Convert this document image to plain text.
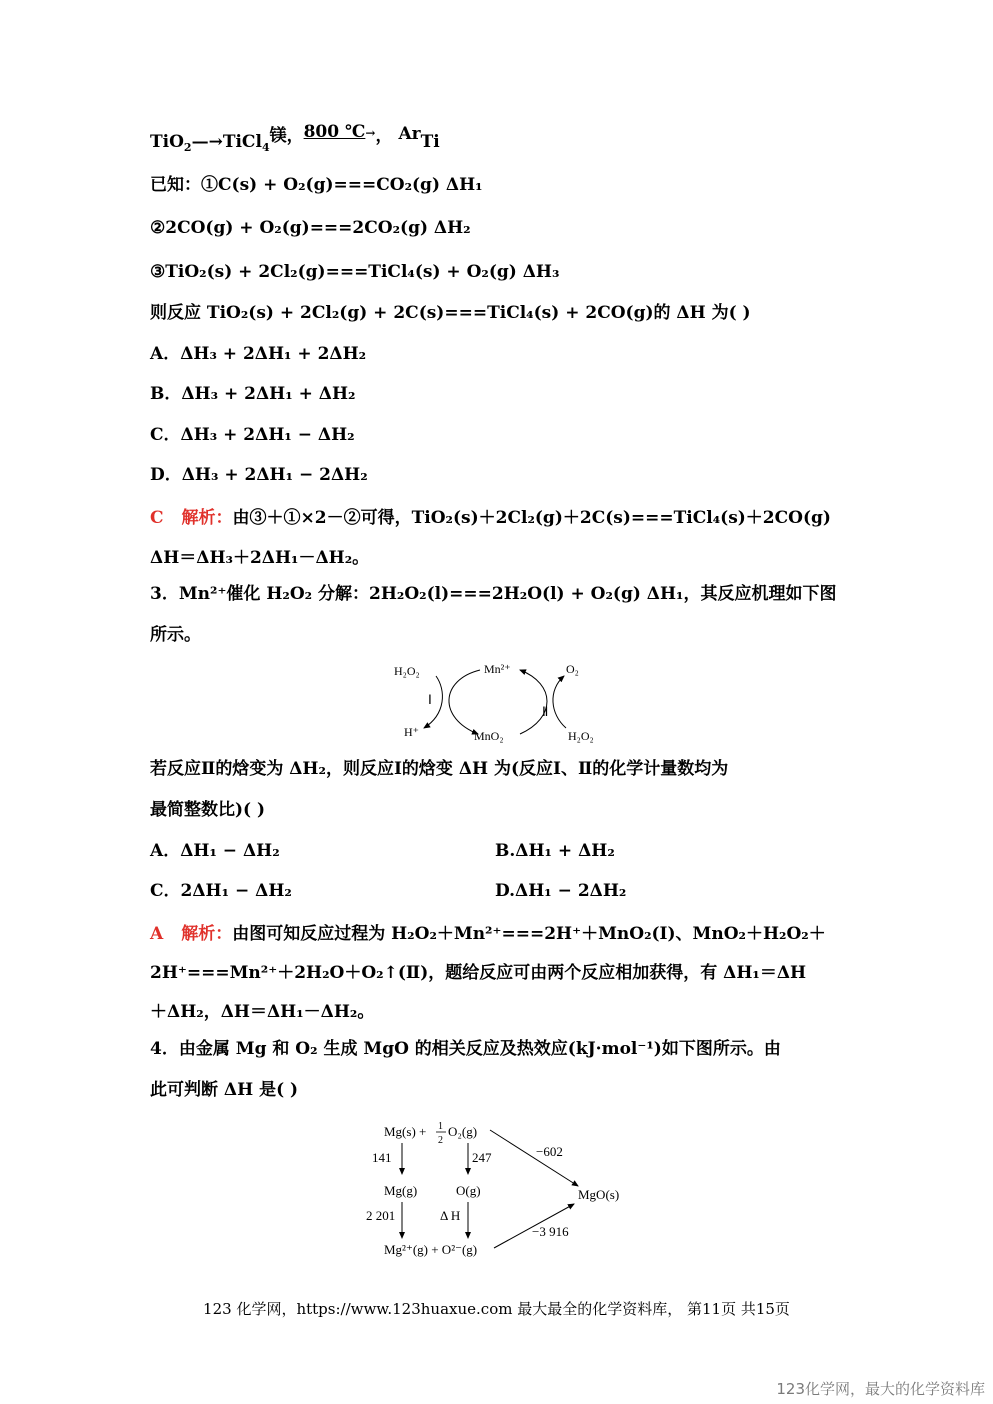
TiO$_2$—→TiCl$_4$镁，800 ℃→， ArTi
已知：①C(s) + O₂(g)===CO₂(g) ΔH₁
②2CO(g) + O₂(g)===2CO₂(g) ΔH₂
③TiO₂(s) + 2Cl₂(g)===TiCl₄(s) + O₂(g) ΔH₃
则反应 TiO₂(s) + 2Cl₂(g) + 2C(s)===TiCl₄(s) + 2CO(g)的 ΔH 为( )
A．ΔH₃ + 2ΔH₁ + 2ΔH₂
B．ΔH₃ + 2ΔH₁ + ΔH₂
C．ΔH₃ + 2ΔH₁ − ΔH₂
D．ΔH₃ + 2ΔH₁ − 2ΔH₂
C 解析：由③＋①×2－②可得，TiO₂(s)＋2Cl₂(g)＋2C(s)===TiCl₄(s)＋2CO(g)
ΔH＝ΔH₃＋2ΔH₁－ΔH₂。
3．Mn²⁺催化 H₂O₂ 分解：2H₂O₂(l)===2H₂O(l) + O₂(g) ΔH₁，其反应机理如下图
所示。
H₂O₂	Mn²⁺	O₂
Ⅰ
Ⅱ
H⁺	MnO₂	H₂O₂
若反应Ⅱ的焓变为 ΔH₂，则反应Ⅰ的焓变 ΔH 为(反应Ⅰ、Ⅱ的化学计量数均为
最简整数比)( )
A．ΔH₁ − ΔH₂	B.ΔH₁ + ΔH₂
C．2ΔH₁ − ΔH₂	D.ΔH₁ − 2ΔH₂
A 解析：由图可知反应过程为 H₂O₂＋Mn²⁺===2H⁺＋MnO₂(Ⅰ)、MnO₂＋H₂O₂＋
2H⁺===Mn²⁺＋2H₂O＋O₂↑(Ⅱ)，题给反应可由两个反应相加获得，有 ΔH₁＝ΔH
＋ΔH₂，ΔH＝ΔH₁－ΔH₂。
4．由金属 Mg 和 O₂ 生成 MgO 的相关反应及热效应(kJ·mol⁻¹)如下图所示。由
此可判断 ΔH 是( )
Mg(s) + 1
2
O₂(g)
141	247	−602
Mg(g)	O(g)	MgO(s)
2 201	Δ H
−3 916
Mg²⁺(g) + O²⁻(g)
123 化学网，https://www.123huaxue.com 最大最全的化学资料库， 第11页 共15页
123化学网，最大的化学资料库
